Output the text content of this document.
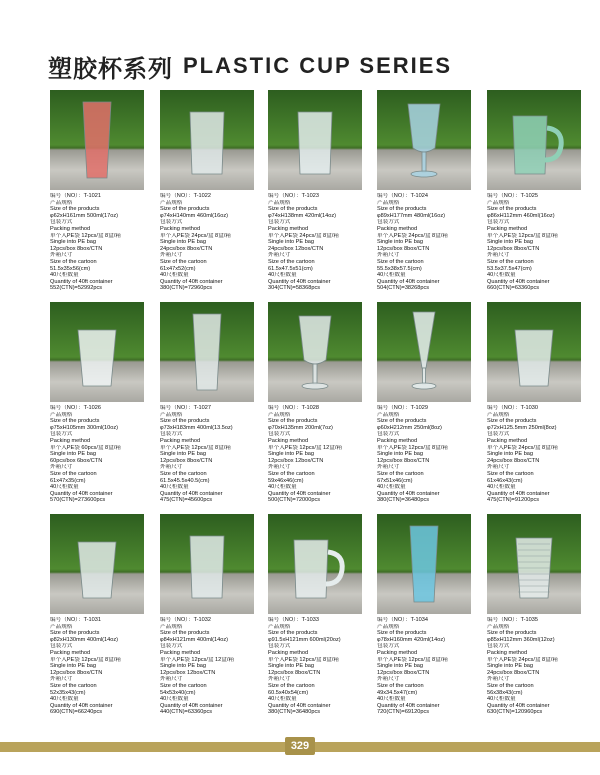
塑胶杯系列 PLASTIC CUP SERIES
编号（NO）：T-1021
产品规格
Size of the products
φ62xH161mm 500ml(17oz)
包装方式
Packing method
单个入PE袋 12pcs/盒 8盒/箱
Single into PE bag
12pcs/box 8box/CTN
外箱尺寸
Size of the cartoon
51.5x35x56(cm)
40尺柜数量
Quantity of 40ft container
552(CTN)=52992pcs
编号（NO）：T-1022
产品规格
Size of the products
φ74xH140mm 460ml(16oz)
包装方式
Packing method
单个入PE袋 24pcs/盒 8盒/箱
Single into PE bag
24pcs/box 8box/CTN
外箱尺寸
Size of the cartoon
61x47x52(cm)
40尺柜数量
Quantity of 40ft container
380(CTN)=72960pcs
编号（NO）：T-1023
产品规格
Size of the products
φ74xH138mm 420ml(14oz)
包装方式
Packing method
单个入PE袋 24pcs/盒 8盒/箱
Single into PE bag
24pcs/box 12box/CTN
外箱尺寸
Size of the cartoon
61.5x47.5x51(cm)
40尺柜数量
Quantity of 40ft container
304(CTN)=58368pcs
编号（NO）：T-1024
产品规格
Size of the products
φ89xH177mm 480ml(16oz)
包装方式
Packing method
单个入PE袋 24pcs/盒 8盒/箱
Single into PE bag
12pcs/box 8box/CTN
外箱尺寸
Size of the cartoon
55.5x38x57.5(cm)
40尺柜数量
Quantity of 40ft container
504(CTN)=38268pcs
编号（NO）：T-1025
产品规格
Size of the products
φ86xH112mm 460ml(16oz)
包装方式
Packing method
单个入PE袋 12pcs/盒 8盒/箱
Single into PE bag
12pcs/box 8box/CTN
外箱尺寸
Size of the cartoon
53.5x37.5x47(cm)
40尺柜数量
Quantity of 40ft container
660(CTN)=63360pcs
编号（NO）：T-1026
产品规格
Size of the products
φ75xH105mm 300ml(10oz)
包装方式
Packing method
单个入PE袋 60pcs/盒 8盒/箱
Single into PE bag
60pcs/box 6box/CTN
外箱尺寸
Size of the cartoon
61x47x35(cm)
40尺柜数量
Quantity of 40ft container
570(CTN)=273600pcs
编号（NO）：T-1027
产品规格
Size of the products
φ73xH183mm 400ml(13.5oz)
包装方式
Packing method
单个入PE袋 12pcs/盒 8盒/箱
Single into PE bag
12pcs/box 8box/CTN
外箱尺寸
Size of the cartoon
61.5x45.5x40.5(cm)
40尺柜数量
Quantity of 40ft container
475(CTN)=45600pcs
编号（NO）：T-1028
产品规格
Size of the products
φ70xH135mm 200ml(7oz)
包装方式
Packing method
单个入PE袋 12pcs/盒 12盒/箱
Single into PE bag
12pcs/box 12box/CTN
外箱尺寸
Size of the cartoon
59x46x46(cm)
40尺柜数量
Quantity of 40ft container
500(CTN)=72000pcs
编号（NO）：T-1029
产品规格
Size of the products
φ60xH212mm 250ml(8oz)
包装方式
Packing method
单个入PE袋 12pcs/盒 8盒/箱
Single into PE bag
12pcs/box 8box/CTN
外箱尺寸
Size of the cartoon
67x51x46(cm)
40尺柜数量
Quantity of 40ft container
380(CTN)=36480pcs
编号（NO）：T-1030
产品规格
Size of the products
φ72xH125.5mm 250ml(8oz)
包装方式
Packing method
单个入PE袋 24pcs/盒 8盒/箱
Single into PE bag
24pcs/box 8box/CTN
外箱尺寸
Size of the cartoon
61x46x43(cm)
40尺柜数量
Quantity of 40ft container
475(CTN)=91200pcs
编号（NO）：T-1031
产品规格
Size of the products
φ82xH130mm 400ml(14oz)
包装方式
Packing method
单个入PE袋 12pcs/盒 8盒/箱
Single into PE bag
12pcs/box 8box/CTN
外箱尺寸
Size of the cartoon
52x35x43(cm)
40尺柜数量
Quantity of 40ft container
690(CTN)=66240pcs
编号（NO）：T-1032
产品规格
Size of the products
φ84xH121mm 400ml(14oz)
包装方式
Packing method
单个入PE袋 12pcs/盒 12盒/箱
Single into PE bag
12pcs/box 12box/CTN
外箱尺寸
Size of the cartoon
54x53x40(cm)
40尺柜数量
Quantity of 40ft container
440(CTN)=63360pcs
编号（NO）：T-1033
产品规格
Size of the products
φ91.5xH121mm 600ml(20oz)
包装方式
Packing method
单个入PE袋 12pcs/盒 8盒/箱
Single into PE bag
12pcs/box 8box/CTN
外箱尺寸
Size of the cartoon
60.5x40x54(cm)
40尺柜数量
Quantity of 40ft container
380(CTN)=36480pcs
编号（NO）：T-1034
产品规格
Size of the products
φ78xH160mm 420ml(14oz)
包装方式
Packing method
单个入PE袋 12pcs/盒 8盒/箱
Single into PE bag
12pcs/box 8box/CTN
外箱尺寸
Size of the cartoon
49x34.5x47(cm)
40尺柜数量
Quantity of 40ft container
720(CTN)=69120pcs
编号（NO）：T-1035
产品规格
Size of the products
φ85xH112mm 360ml(12oz)
包装方式
Packing method
单个入PE袋 24pcs/盒 8盒/箱
Single into PE bag
24pcs/box 8box/CTN
外箱尺寸
Size of the cartoon
56x38x43(cm)
40尺柜数量
Quantity of 40ft container
630(CTN)=120960pcs
329
